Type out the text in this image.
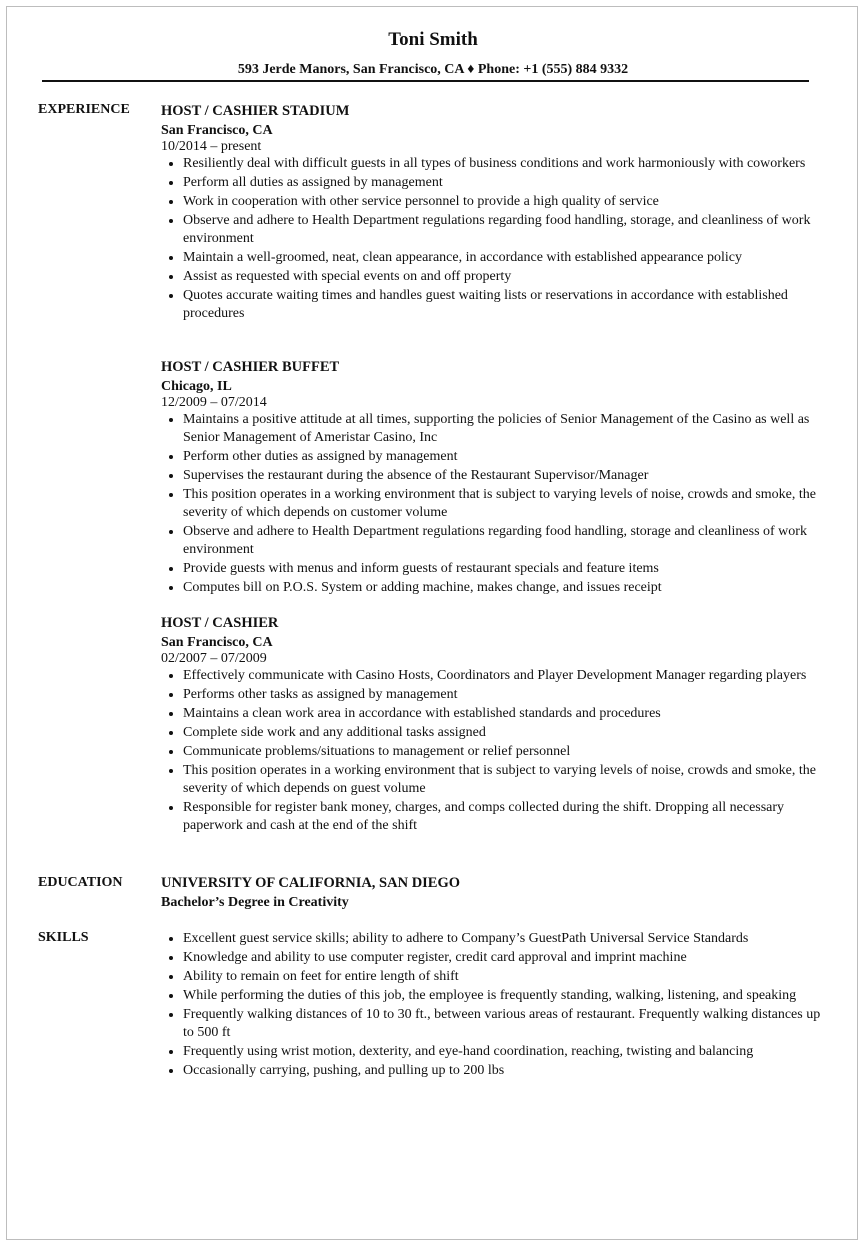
Toni Smith
593 Jerde Manors, San Francisco, CA ♦ Phone: +1 (555) 884 9332
EXPERIENCE HOST / CASHIER STADIUM
San Francisco, CA
10/2014 – present
• Resiliently deal with difficult guests in all types of business conditions and work harmoniously with coworkers
• Perform all duties as assigned by management
• Work in cooperation with other service personnel to provide a high quality of service
• Observe and adhere to Health Department regulations regarding food handling, storage, and cleanliness of work environment
• Maintain a well-groomed, neat, clean appearance, in accordance with established appearance policy
• Assist as requested with special events on and off property
• Quotes accurate waiting times and handles guest waiting lists or reservations in accordance with established procedures
HOST / CASHIER BUFFET
Chicago, IL
12/2009 – 07/2014
• Maintains a positive attitude at all times, supporting the policies of Senior Management of the Casino as well as Senior Management of Ameristar Casino, Inc
• Perform other duties as assigned by management
• Supervises the restaurant during the absence of the Restaurant Supervisor/Manager
• This position operates in a working environment that is subject to varying levels of noise, crowds and smoke, the severity of which depends on customer volume
• Observe and adhere to Health Department regulations regarding food handling, storage and cleanliness of work environment
• Provide guests with menus and inform guests of restaurant specials and feature items
• Computes bill on P.O.S. System or adding machine, makes change, and issues receipt
HOST / CASHIER
San Francisco, CA
02/2007 – 07/2009
• Effectively communicate with Casino Hosts, Coordinators and Player Development Manager regarding players
• Performs other tasks as assigned by management
• Maintains a clean work area in accordance with established standards and procedures
• Complete side work and any additional tasks assigned
• Communicate problems/situations to management or relief personnel
• This position operates in a working environment that is subject to varying levels of noise, crowds and smoke, the severity of which depends on guest volume
• Responsible for register bank money, charges, and comps collected during the shift. Dropping all necessary paperwork and cash at the end of the shift
EDUCATION	UNIVERSITY OF CALIFORNIA, SAN DIEGO
Bachelor’s Degree in Creativity
SKILLS
•	Excellent guest service skills; ability to adhere to Company’s GuestPath Universal Service Standards
• Knowledge and ability to use computer register, credit card approval and imprint machine
• Ability to remain on feet for entire length of shift
• While performing the duties of this job, the employee is frequently standing, walking, listening, and speaking
• Frequently walking distances of 10 to 30 ft., between various areas of restaurant. Frequently walking distances up to 500 ft
• Frequently using wrist motion, dexterity, and eye-hand coordination, reaching, twisting and balancing
• Occasionally carrying, pushing, and pulling up to 200 lbs
